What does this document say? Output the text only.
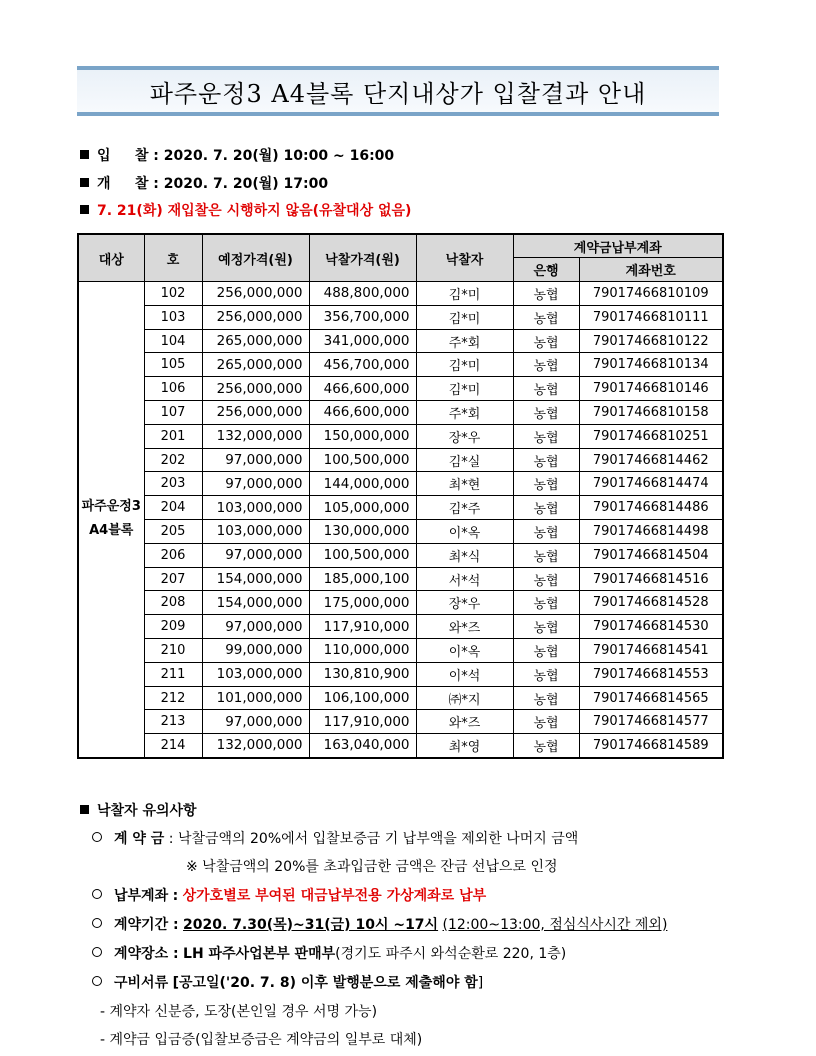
파주운정3 A4블록 단지내상가 입찰결과 안내
입     찰 : 2020. 7. 20(월) 10:00 ~ 16:00
개     찰 : 2020. 7. 20(월) 17:00
7. 21(화) 재입찰은 시행하지 않음(유찰대상 없음)
대상	호	예정가격(원)	낙찰가격(원)	낙찰자	계약금납부계좌	
					은행	계좌번호

파주운정3
A4블록	102	256,000,000	488,800,000	김*미	농협	79017466810109
	103	256,000,000	356,700,000	김*미	농협	79017466810111
	104	265,000,000	341,000,000	주*회	농협	79017466810122
	105	265,000,000	456,700,000	김*미	농협	79017466810134
	106	256,000,000	466,600,000	김*미	농협	79017466810146
	107	256,000,000	466,600,000	주*회	농협	79017466810158
	201	132,000,000	150,000,000	장*우	농협	79017466810251
	202	97,000,000	100,500,000	김*실	농협	79017466814462
	203	97,000,000	144,000,000	최*현	농협	79017466814474
	204	103,000,000	105,000,000	김*주	농협	79017466814486
	205	103,000,000	130,000,000	이*옥	농협	79017466814498
	206	97,000,000	100,500,000	최*식	농협	79017466814504
	207	154,000,000	185,000,100	서*석	농협	79017466814516
	208	154,000,000	175,000,000	장*우	농협	79017466814528
	209	97,000,000	117,910,000	와*즈	농협	79017466814530
	210	99,000,000	110,000,000	이*옥	농협	79017466814541
	211	103,000,000	130,810,900	이*석	농협	79017466814553
	212	101,000,000	106,100,000	㈜*지	농협	79017466814565
	213	97,000,000	117,910,000	와*즈	농협	79017466814577
	214	132,000,000	163,040,000	최*영	농협	79017466814589
낙찰자 유의사항
계 약 금 : 낙찰금액의 20%에서 입찰보증금 기 납부액을 제외한 나머지 금액
※ 낙찰금액의 20%를 초과입금한 금액은 잔금 선납으로 인정
납부계좌 : 상가호별로 부여된 대금납부전용 가상계좌로 납부
계약기간 : 2020. 7.30(목)~31(금) 10시 ~17시 (12:00~13:00, 점심식사시간 제외)
계약장소 : LH 파주사업본부 판매부(경기도 파주시 와석순환로 220, 1층)
구비서류 [공고일('20. 7. 8) 이후 발행분으로 제출해야 함]
- 계약자 신분증, 도장(본인일 경우 서명 가능)
- 계약금 입금증(입찰보증금은 계약금의 일부로 대체)
